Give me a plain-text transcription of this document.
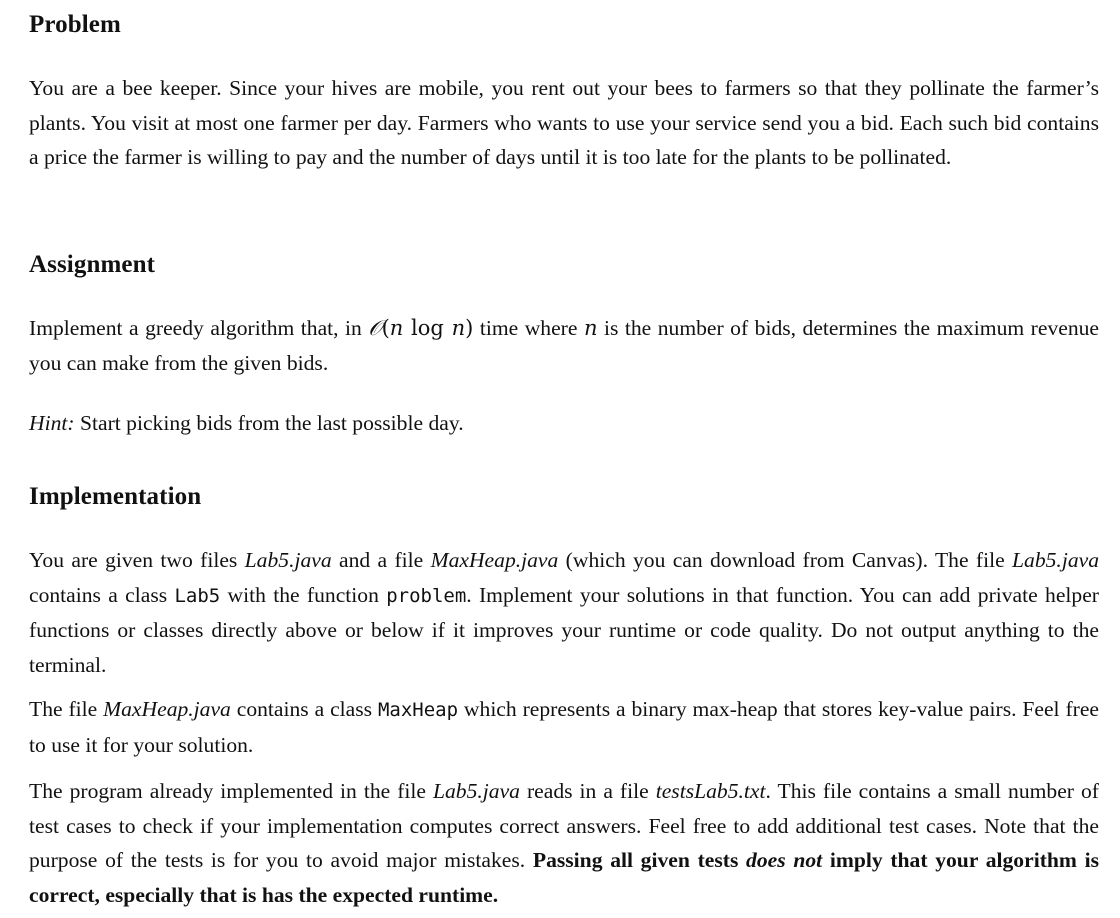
Problem

You are a bee keeper. Since your hives are mobile, you rent out your bees to farmers so that they pollinate the farmer’s plants. You visit at most one farmer per day. Farmers who wants to use your service send you a bid. Each such bid contains a price the farmer is willing to pay and the number of days until it is too late for the plants to be pollinated.

Assignment

Implement a greedy algorithm that, in 𝒪(n log n) time where n is the number of bids, determines the maximum revenue you can make from the given bids.

Hint: Start picking bids from the last possible day.

Implementation

You are given two files Lab5.java and a file MaxHeap.java (which you can download from Canvas). The file Lab5.java contains a class Lab5 with the function problem. Implement your solutions in that function. You can add private helper functions or classes directly above or below if it improves your runtime or code quality. Do not output anything to the terminal.

The file MaxHeap.java contains a class MaxHeap which represents a binary max-heap that stores key-value pairs. Feel free to use it for your solution.

The program already implemented in the file Lab5.java reads in a file testsLab5.txt. This file contains a small number of test cases to check if your implementation computes correct answers. Feel free to add additional test cases. Note that the purpose of the tests is for you to avoid major mistakes. Passing all given tests does not imply that your algorithm is correct, especially that is has the expected runtime.
